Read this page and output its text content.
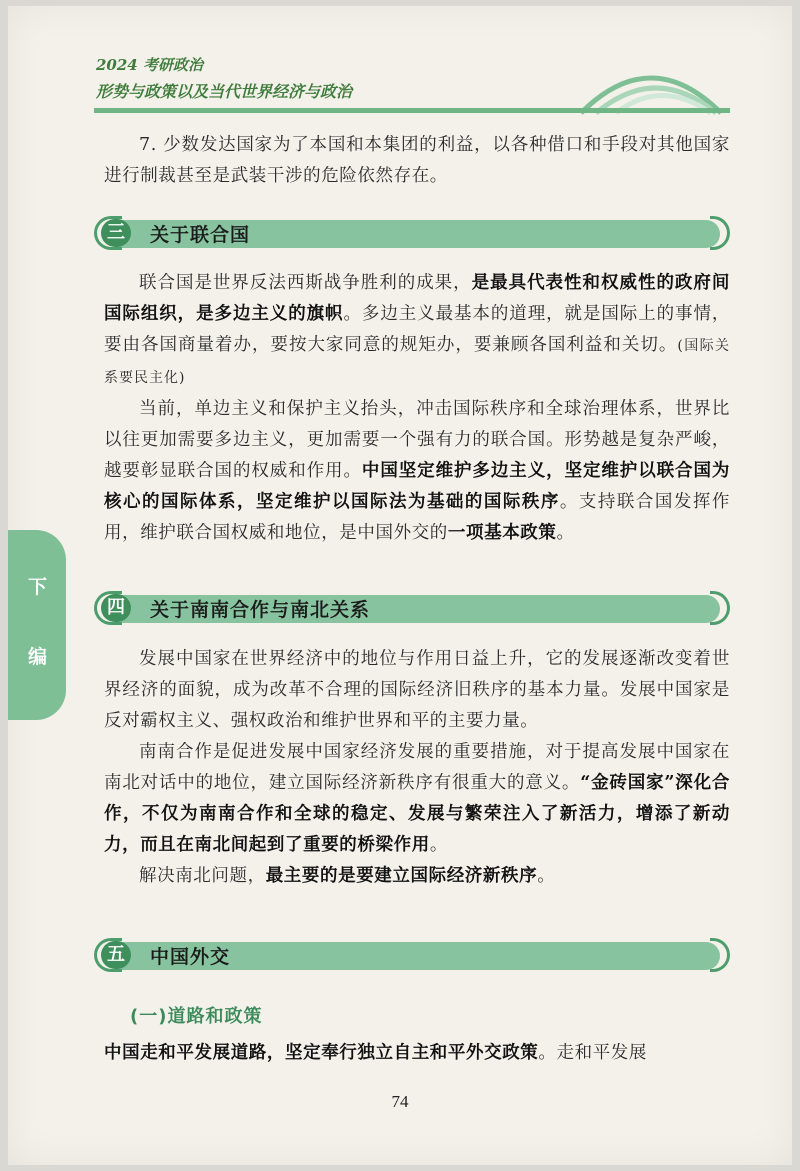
2024 考研政治
形势与政策以及当代世界经济与政治
下
编

7. 少数发达国家为了本国和本集团的利益，以各种借口和手段对其他国家进行制裁甚至是武装干涉的危险依然存在。

三	关于联合国

联合国是世界反法西斯战争胜利的成果，是最具代表性和权威性的政府间国际组织，是多边主义的旗帜。多边主义最基本的道理，就是国际上的事情，要由各国商量着办，要按大家同意的规矩办，要兼顾各国利益和关切。(国际关系要民主化)

当前，单边主义和保护主义抬头，冲击国际秩序和全球治理体系，世界比以往更加需要多边主义，更加需要一个强有力的联合国。形势越是复杂严峻，越要彰显联合国的权威和作用。中国坚定维护多边主义，坚定维护以联合国为核心的国际体系，坚定维护以国际法为基础的国际秩序。支持联合国发挥作用，维护联合国权威和地位，是中国外交的一项基本政策。

四	关于南南合作与南北关系

发展中国家在世界经济中的地位与作用日益上升，它的发展逐渐改变着世界经济的面貌，成为改革不合理的国际经济旧秩序的基本力量。发展中国家是反对霸权主义、强权政治和维护世界和平的主要力量。

南南合作是促进发展中国家经济发展的重要措施，对于提高发展中国家在南北对话中的地位，建立国际经济新秩序有很重大的意义。“金砖国家”深化合作，不仅为南南合作和全球的稳定、发展与繁荣注入了新活力，增添了新动力，而且在南北间起到了重要的桥梁作用。

解决南北问题，最主要的是要建立国际经济新秩序。

五	中国外交
(一)道路和政策

中国走和平发展道路，坚定奉行独立自主和平外交政策。走和平发展

74
